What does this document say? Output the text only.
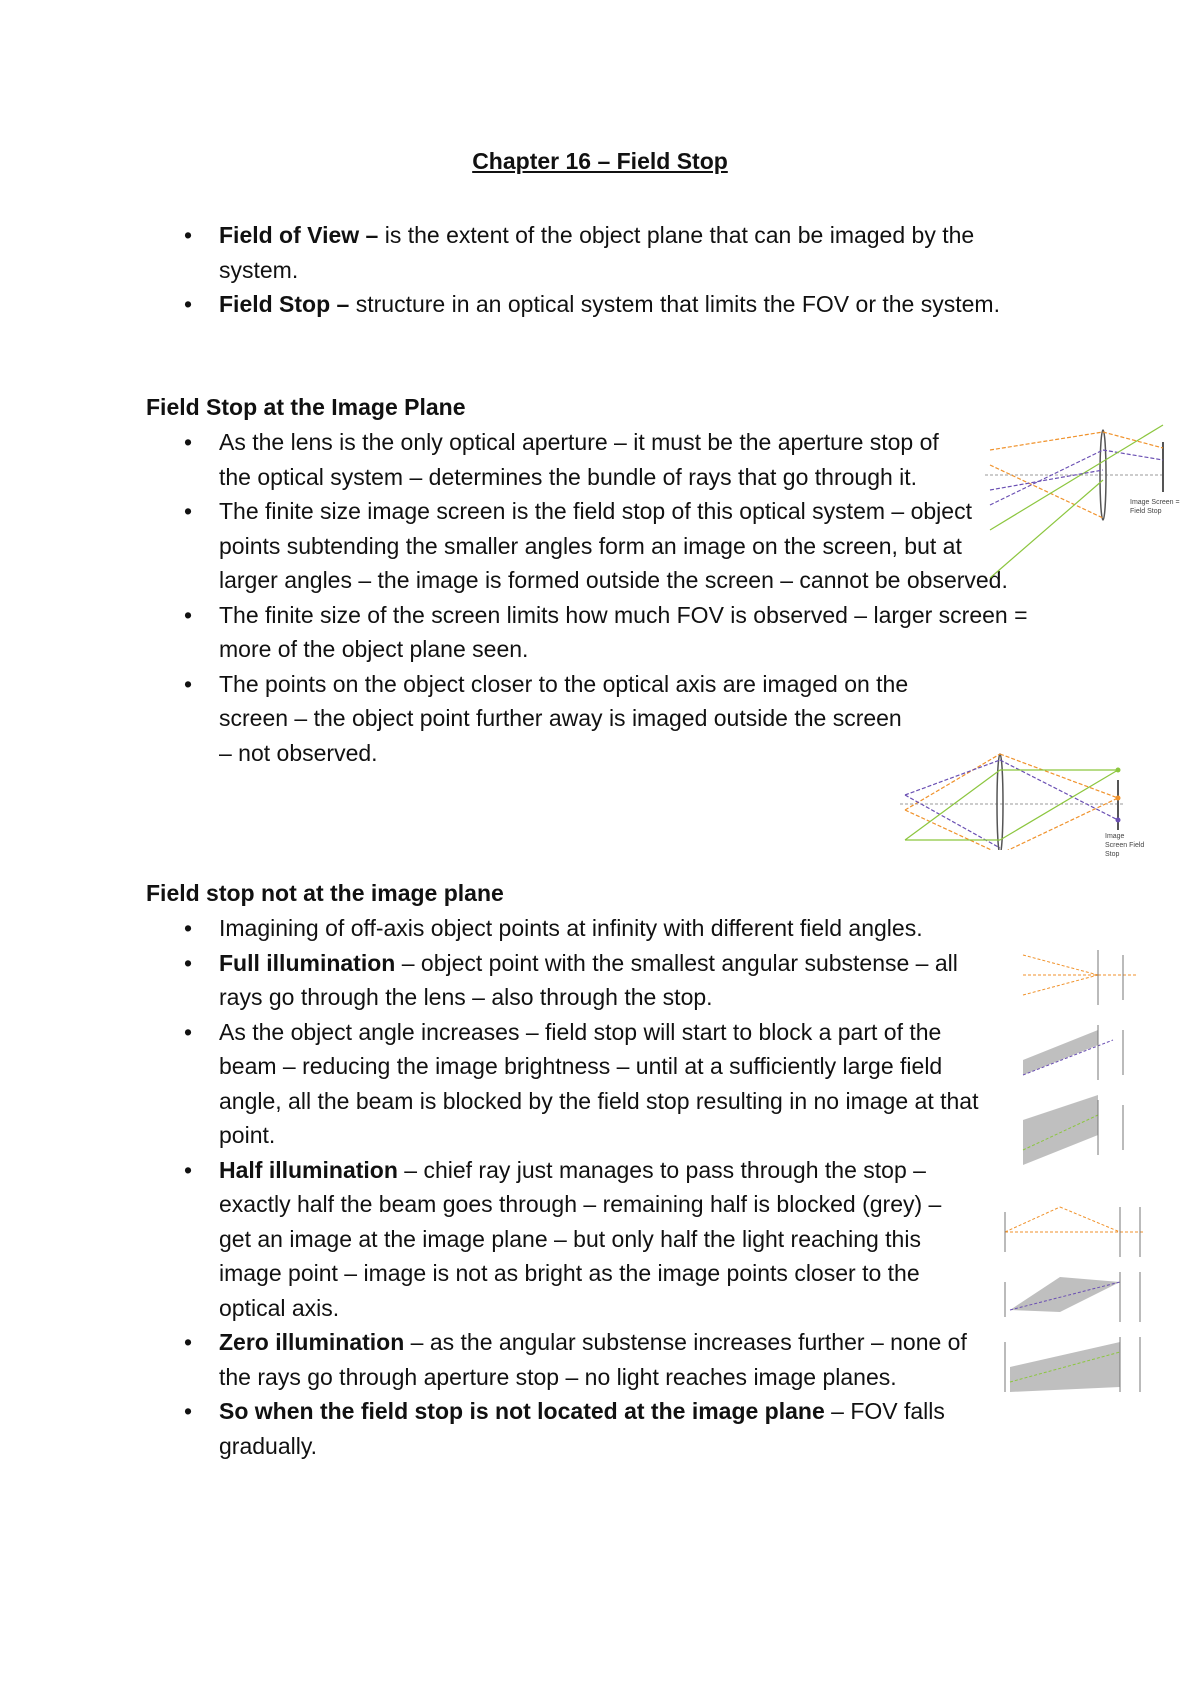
Chapter 16 – Field Stop
• Field of View – is the extent of the object plane that can be imaged by the system.
• Field Stop – structure in an optical system that limits the FOV or the system.
Field Stop at the Image Plane
• As the lens is the only optical aperture – it must be the aperture stop of the optical system – determines the bundle of rays that go through it.
• The finite size image screen is the field stop of this optical system – object points subtending the smaller angles form an image on the screen, but at larger angles – the image is formed outside the screen – cannot be observed.
• The finite size of the screen limits how much FOV is observed – larger screen = more of the object plane seen.
• The points on the object closer to the optical axis are imaged on the screen – the object point further away is imaged outside the screen – not observed.
Field stop not at the image plane
• Imagining of off-axis object points at infinity with different field angles.
• Full illumination – object point with the smallest angular substense – all rays go through the lens – also through the stop.
• As the object angle increases – field stop will start to block a part of the beam – reducing the image brightness – until at a sufficiently large field angle, all the beam is blocked by the field stop resulting in no image at that point.
• Half illumination – chief ray just manages to pass through the stop – exactly half the beam goes through – remaining half is blocked (grey) – get an image at the image plane – but only half the light reaching this image point – image is not as bright as the image points closer to the optical axis.
• Zero illumination – as the angular substense increases further – none of the rays go through aperture stop – no light reaches image planes.
• So when the field stop is not located at the image plane – FOV falls gradually.
Image Screen = Field Stop
Image Screen Field Stop
